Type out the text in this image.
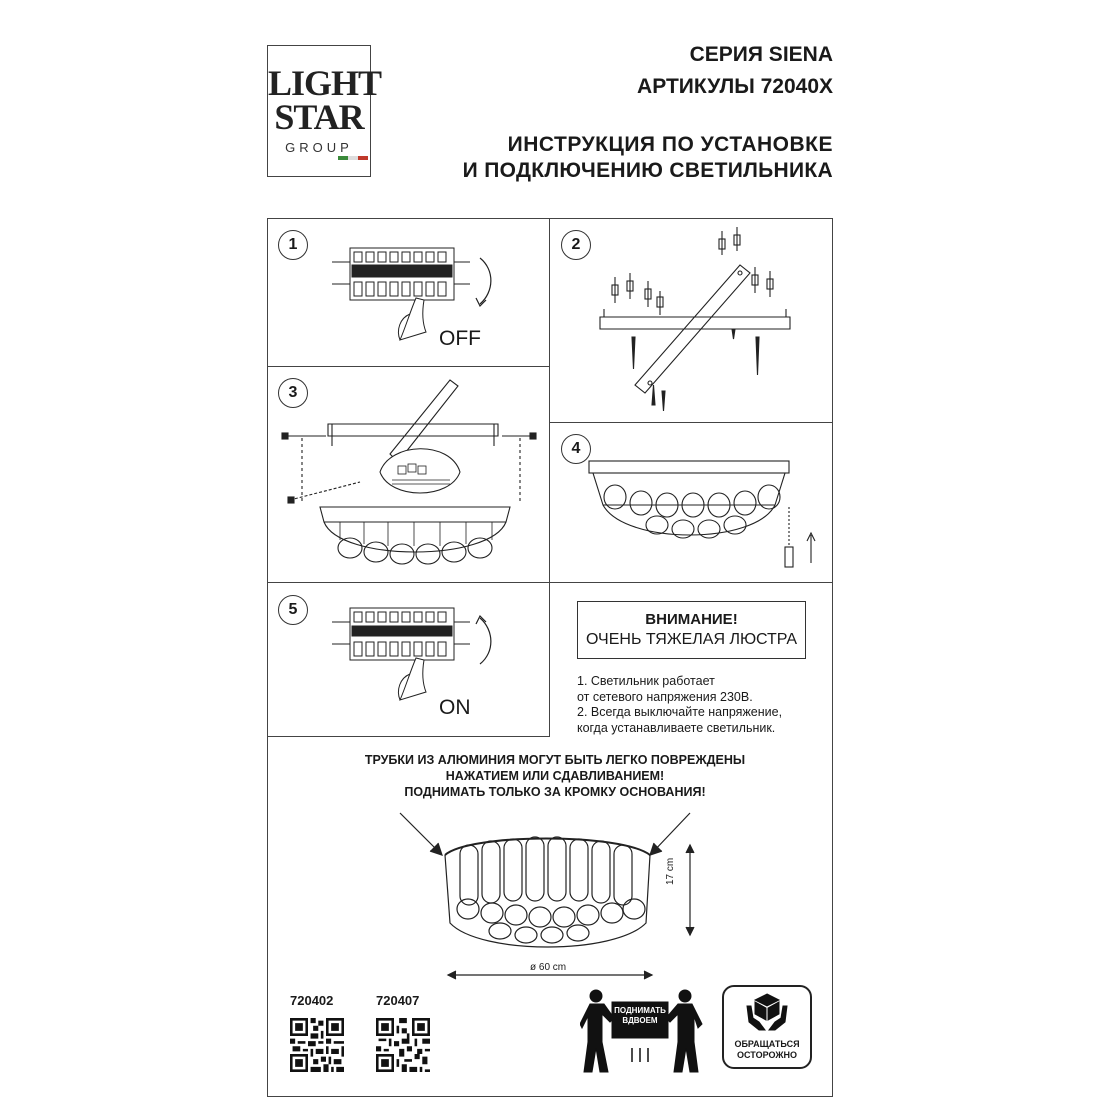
LIGHT
STAR
GROUP
СЕРИЯ SIENA
АРТИКУЛЫ 72040X
ИНСТРУКЦИЯ ПО УСТАНОВКЕ
И ПОДКЛЮЧЕНИЮ СВЕТИЛЬНИКА
1	2
3
4
5
OFF
ON
ВНИМАНИЕ!
ОЧЕНЬ ТЯЖЕЛАЯ ЛЮСТРА
1. Светильник работает
от сетевого напряжения 230В.
2. Всегда выключайте напряжение,
когда устанавливаете светильник.
ТРУБКИ ИЗ АЛЮМИНИЯ МОГУТ БЫТЬ ЛЕГКО ПОВРЕЖДЕНЫ
НАЖАТИЕМ ИЛИ СДАВЛИВАНИЕМ!
ПОДНИМАТЬ ТОЛЬКО ЗА КРОМКУ ОСНОВАНИЯ!
17 cm
ø 60 cm
720402	720407
ПОДНИМАТЬ
ВДВОЕМ
ОБРАЩАТЬСЯ
ОСТОРОЖНО
